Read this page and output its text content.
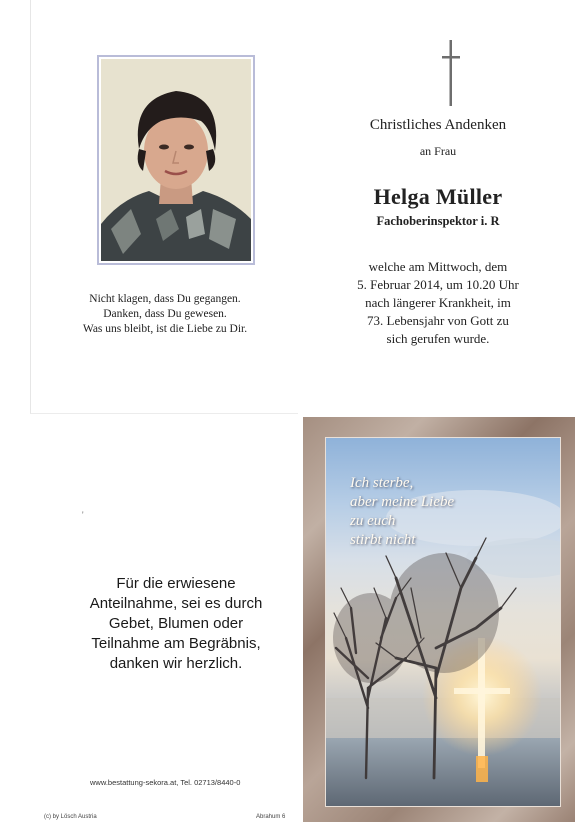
Nicht klagen, dass Du gegangen.
Danken, dass Du gewesen.
Was uns bleibt, ist die Liebe zu Dir.
Christliches Andenken
an Frau
Helga Müller
Fachoberinspektor i. R
welche am Mittwoch, dem
5. Februar 2014, um 10.20 Uhr
nach längerer Krankheit, im
73. Lebensjahr von Gott zu
sich gerufen wurde.
'
Für die erwiesene
Anteilnahme, sei es durch
Gebet, Blumen oder
Teilnahme am Begräbnis,
danken wir herzlich.
www.bestattung-sekora.at, Tel. 02713/8440-0
(c) by Lösch Austria	Abrahum 6
Ich sterbe,
aber meine Liebe
zu euch
stirbt nicht
